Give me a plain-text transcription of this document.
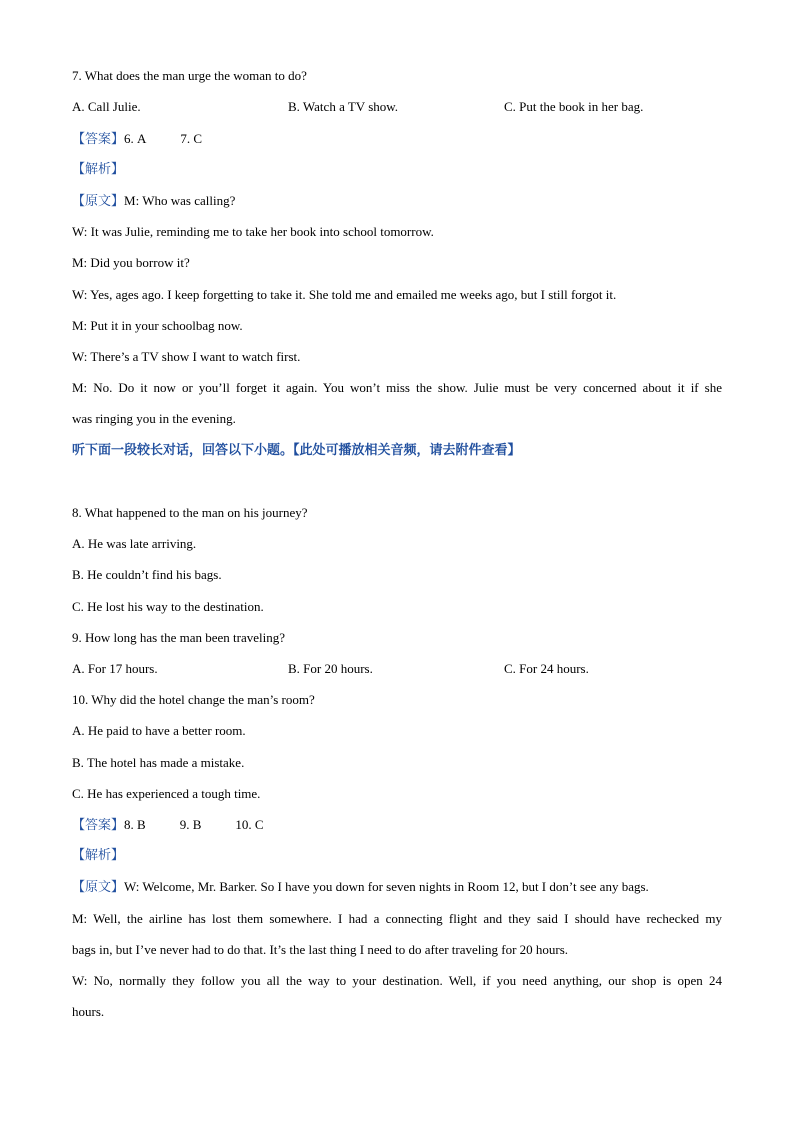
7. What does the man urge the woman to do?
A. Call Julie.	B. Watch a TV show.	C. Put the book in her bag.
【答案】6. A	7. C
【解析】
【原文】M: Who was calling?
W: It was Julie, reminding me to take her book into school tomorrow.
M: Did you borrow it?
W: Yes, ages ago. I keep forgetting to take it. She told me and emailed me weeks ago, but I still forgot it.
M: Put it in your schoolbag now.
W: There’s a TV show I want to watch first.
M: No. Do it now or you’ll forget it again. You won’t miss the show. Julie must be very concerned about it if she
was ringing you in the evening.
听下面一段较长对话，回答以下小题。【此处可播放相关音频，请去附件查看】
8. What happened to the man on his journey?
A. He was late arriving.
B. He couldn’t find his bags.
C. He lost his way to the destination.
9. How long has the man been traveling?
A. For 17 hours.	B. For 20 hours.	C. For 24 hours.
10. Why did the hotel change the man’s room?
A. He paid to have a better room.
B. The hotel has made a mistake.
C. He has experienced a tough time.
【答案】8. B	9. B	10. C
【解析】
【原文】W: Welcome, Mr. Barker. So I have you down for seven nights in Room 12, but I don’t see any bags.
M: Well, the airline has lost them somewhere. I had a connecting flight and they said I should have rechecked my
bags in, but I’ve never had to do that. It’s the last thing I need to do after traveling for 20 hours.
W: No, normally they follow you all the way to your destination. Well, if you need anything, our shop is open 24
hours.
